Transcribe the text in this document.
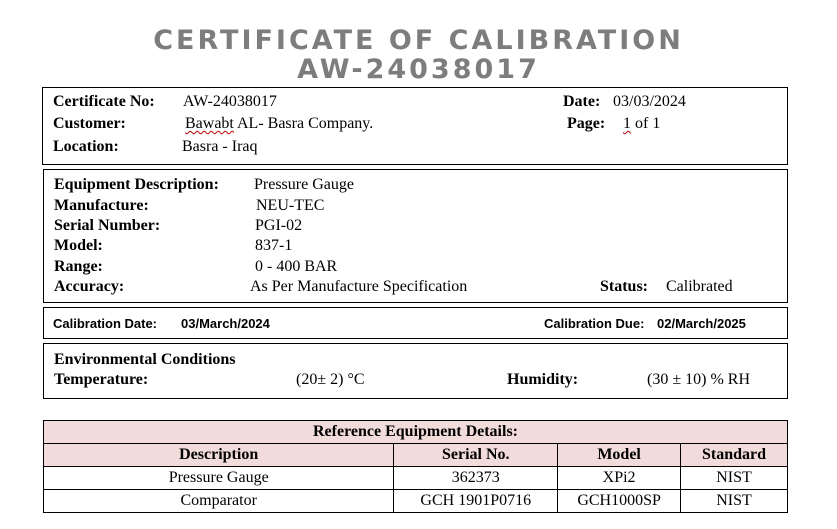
CERTIFICATE OF CALIBRATION
AW-24038017
Certificate No: AW-24038017
Customer:	Bawabt AL- Basra Company.
Location:	Basra - Iraq
Date: 03/03/2024
Page: 1 of 1
Equipment Description: Pressure Gauge
Manufacture:	NEU-TEC
Serial Number:	PGI-02
Model:	837-1
Range:	0 - 400 BAR
Accuracy:	As Per Manufacture Specification	Status: Calibrated
Calibration Date: 03/March/2024	Calibration Due: 02/March/2025
Environmental Conditions
Temperature:	(20± 2) °C	Humidity:	(30 ± 10) % RH
Reference Equipment Details:			
Description	Serial No.	Model	Standard
Pressure Gauge	362373	XPi2	NIST
Comparator	GCH 1901P0716	GCH1000SP	NIST
